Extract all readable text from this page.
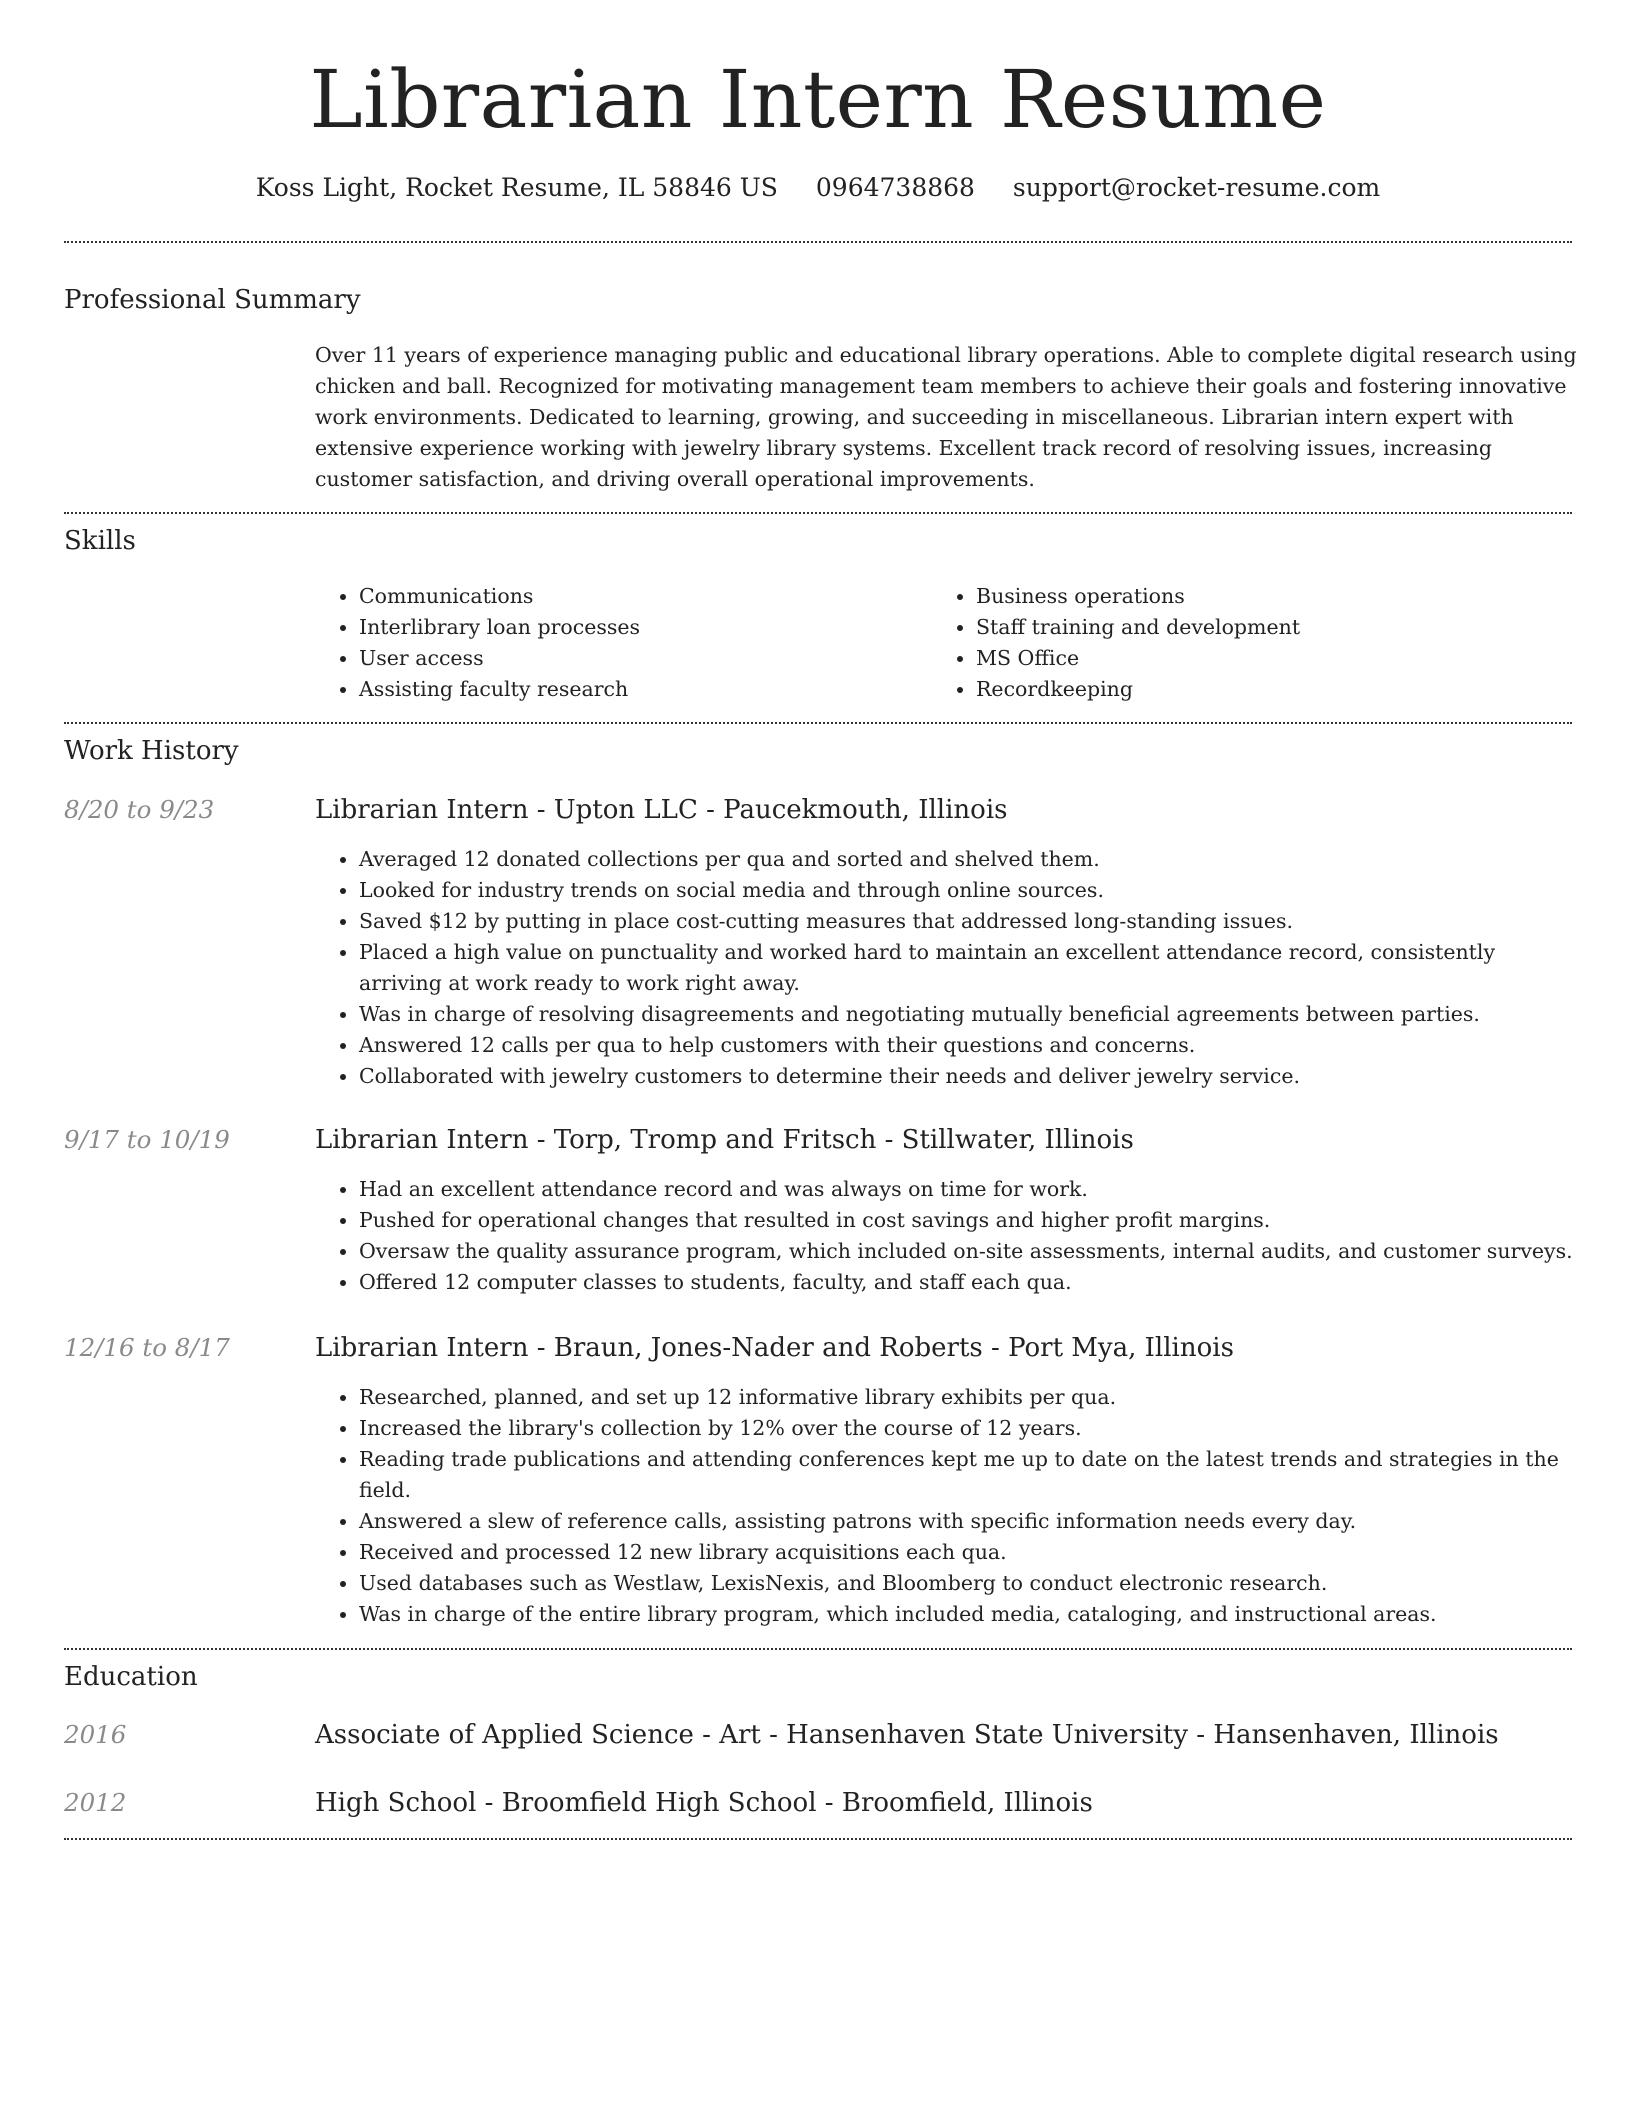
Librarian Intern Resume
Koss Light, Rocket Resume, IL 58846 US 0964738868 support@rocket-resume.com
Professional Summary
Over 11 years of experience managing public and educational library operations. Able to complete digital research using chicken and ball. Recognized for motivating management team members to achieve their goals and fostering innovative work environments. Dedicated to learning, growing, and succeeding in miscellaneous. Librarian intern expert with extensive experience working with jewelry library systems. Excellent track record of resolving issues, increasing customer satisfaction, and driving overall operational improvements.
Skills
• Communications
• Interlibrary loan processes
• User access
• Assisting faculty research
• Business operations
• Staff training and development
• MS Office
• Recordkeeping
Work History
8/20 to 9/23	Librarian Intern - Upton LLC - Paucekmouth, Illinois
• Averaged 12 donated collections per qua and sorted and shelved them.
• Looked for industry trends on social media and through online sources.
• Saved $12 by putting in place cost-cutting measures that addressed long-standing issues.
• Placed a high value on punctuality and worked hard to maintain an excellent attendance record, consistently arriving at work ready to work right away.
• Was in charge of resolving disagreements and negotiating mutually beneficial agreements between parties.
• Answered 12 calls per qua to help customers with their questions and concerns.
• Collaborated with jewelry customers to determine their needs and deliver jewelry service.
9/17 to 10/19	Librarian Intern - Torp, Tromp and Fritsch - Stillwater, Illinois
• Had an excellent attendance record and was always on time for work.
• Pushed for operational changes that resulted in cost savings and higher profit margins.
• Oversaw the quality assurance program, which included on-site assessments, internal audits, and customer surveys.
• Offered 12 computer classes to students, faculty, and staff each qua.
12/16 to 8/17	Librarian Intern - Braun, Jones-Nader and Roberts - Port Mya, Illinois
• Researched, planned, and set up 12 informative library exhibits per qua.
• Increased the library's collection by 12% over the course of 12 years.
• Reading trade publications and attending conferences kept me up to date on the latest trends and strategies in the field.
• Answered a slew of reference calls, assisting patrons with specific information needs every day.
• Received and processed 12 new library acquisitions each qua.
• Used databases such as Westlaw, LexisNexis, and Bloomberg to conduct electronic research.
• Was in charge of the entire library program, which included media, cataloging, and instructional areas.
Education
2016	Associate of Applied Science - Art - Hansenhaven State University - Hansenhaven, Illinois
2012	High School - Broomfield High School - Broomfield, Illinois
